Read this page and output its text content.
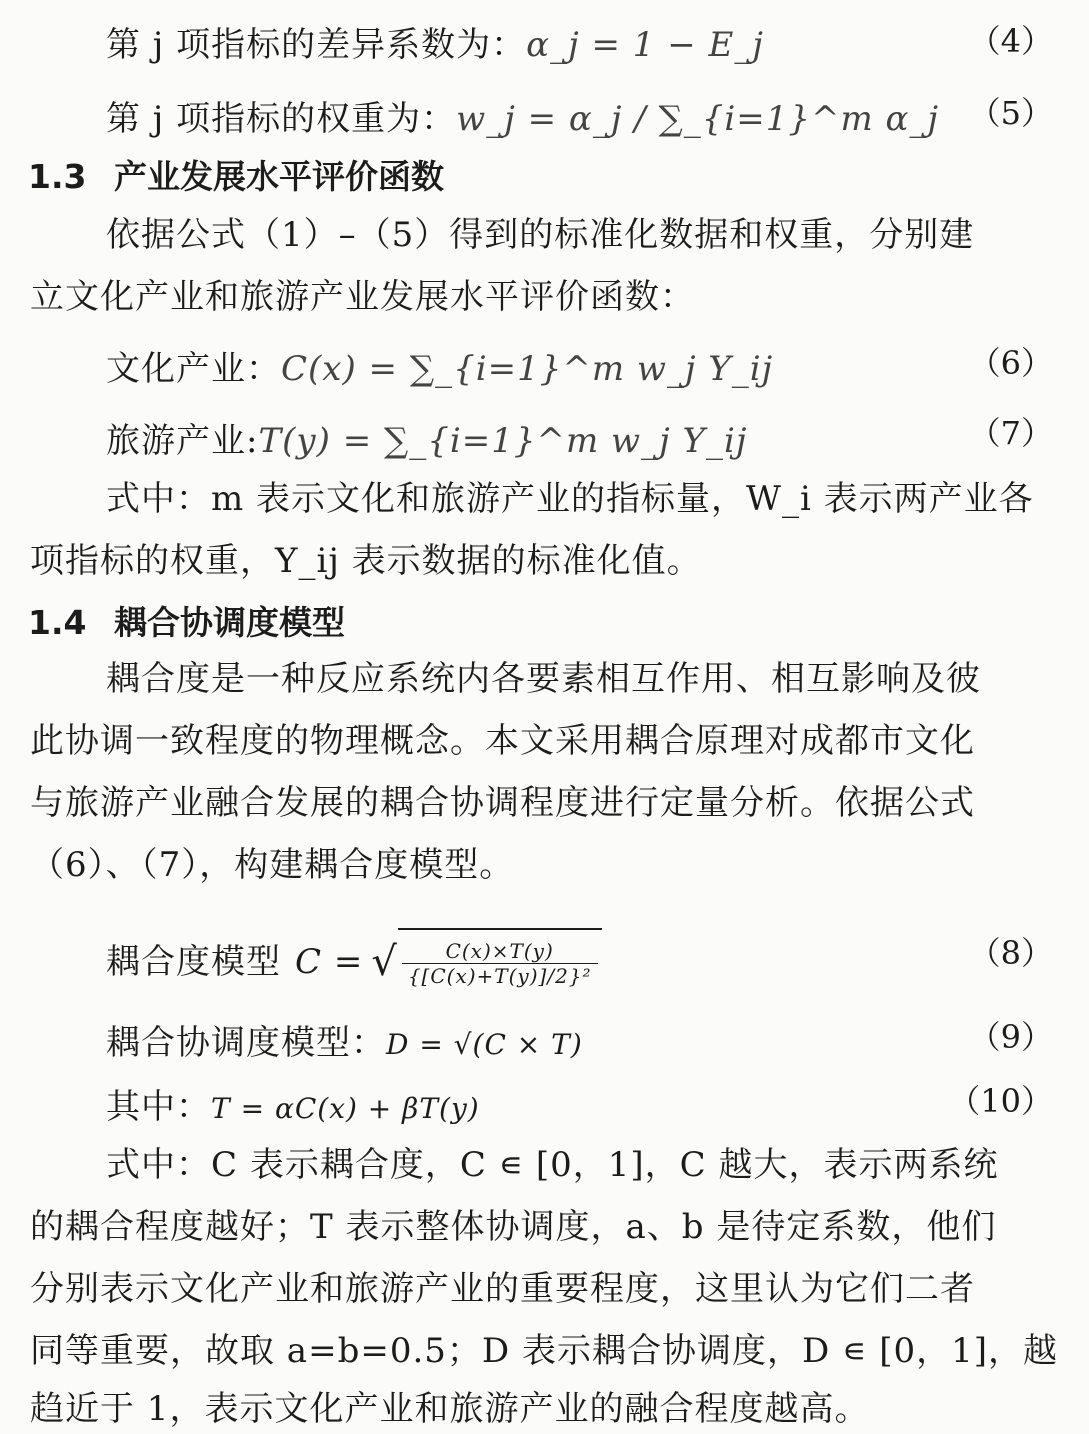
第 j 项指标的差异系数为：α_j = 1 − E_j	（4）
第 j 项指标的权重为：w_j = α_j / ∑_{i=1}^m α_j （5）
1.3 产业发展水平评价函数
依据公式（1）–（5）得到的标准化数据和权重，分别建
立文化产业和旅游产业发展水平评价函数：
文化产业：C(x) = ∑_{i=1}^m w_j Y_ij	（6）
旅游产业:T(y) = ∑_{i=1}^m w_j Y_ij	（7）
式中：m 表示文化和旅游产业的指标量，W_i 表示两产业各
项指标的权重，Y_ij 表示数据的标准化值。
1.4 耦合协调度模型
耦合度是一种反应系统内各要素相互作用、相互影响及彼
此协调一致程度的物理概念。本文采用耦合原理对成都市文化
与旅游产业融合发展的耦合协调程度进行定量分析。依据公式
（6）、（7），构建耦合度模型。
耦合度模型 C = √ $\frac{C(x)\times T(y)}{\text{\{[C(x)+T(y)]/2\}²}}$	（8）
耦合协调度模型：D = √(C × T)	（9）
其中：T = αC(x) + βT(y)	（10）
式中：C 表示耦合度，C ∊ [0，1]，C 越大，表示两系统
的耦合程度越好；T 表示整体协调度，a、b 是待定系数，他们
分别表示文化产业和旅游产业的重要程度，这里认为它们二者
同等重要，故取 a=b=0.5；D 表示耦合协调度，D ∊ [0，1]，越
趋近于 1，表示文化产业和旅游产业的融合程度越高。
